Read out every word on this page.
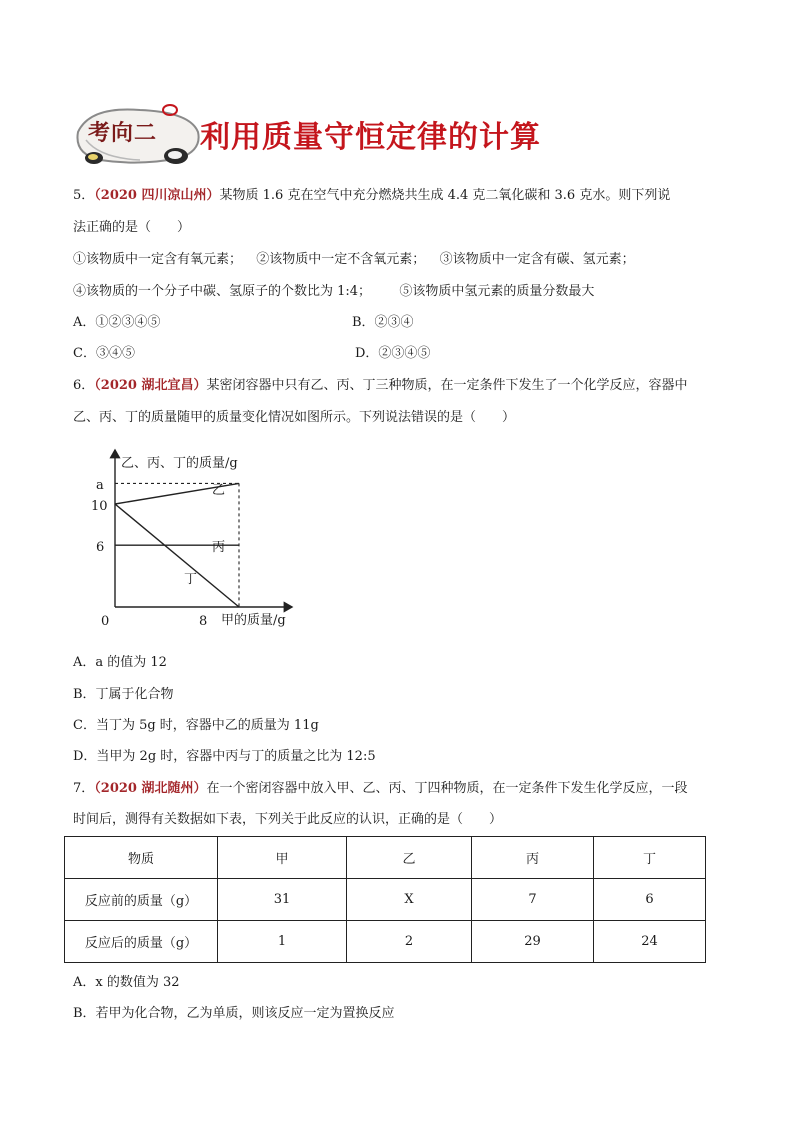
考向二 利用质量守恒定律的计算
5．（2020 四川凉山州）某物质 1.6 克在空气中充分燃烧共生成 4.4 克二氧化碳和 3.6 克水。则下列说
法正确的是（　　）
①该物质中一定含有氧元素； ②该物质中一定不含氧元素； ③该物质中一定含有碳、氢元素；
④该物质的一个分子中碳、氢原子的个数比为 1:4； ⑤该物质中氢元素的质量分数最大
A．①②③④⑤	B．②③④
C．③④⑤	D．②③④⑤
6．（2020 湖北宜昌）某密闭容器中只有乙、丙、丁三种物质，在一定条件下发生了一个化学反应，容器中
乙、丙、丁的质量随甲的质量变化情况如图所示。下列说法错误的是（　　）
乙、丙、丁的质量/g
甲的质量/g
0	8
6
10
a	乙
丙
丁
A．a 的值为 12
B．丁属于化合物
C．当丁为 5g 时，容器中乙的质量为 11g
D．当甲为 2g 时，容器中丙与丁的质量之比为 12:5
7．（2020 湖北随州）在一个密闭容器中放入甲、乙、丙、丁四种物质，在一定条件下发生化学反应，一段
时间后，测得有关数据如下表，下列关于此反应的认识，正确的是（　　）
物质	甲	乙	丙	丁
反应前的质量（g）	31	X	7	6
反应后的质量（g）	1	2	29	24
A．x 的数值为 32
B．若甲为化合物，乙为单质，则该反应一定为置换反应
